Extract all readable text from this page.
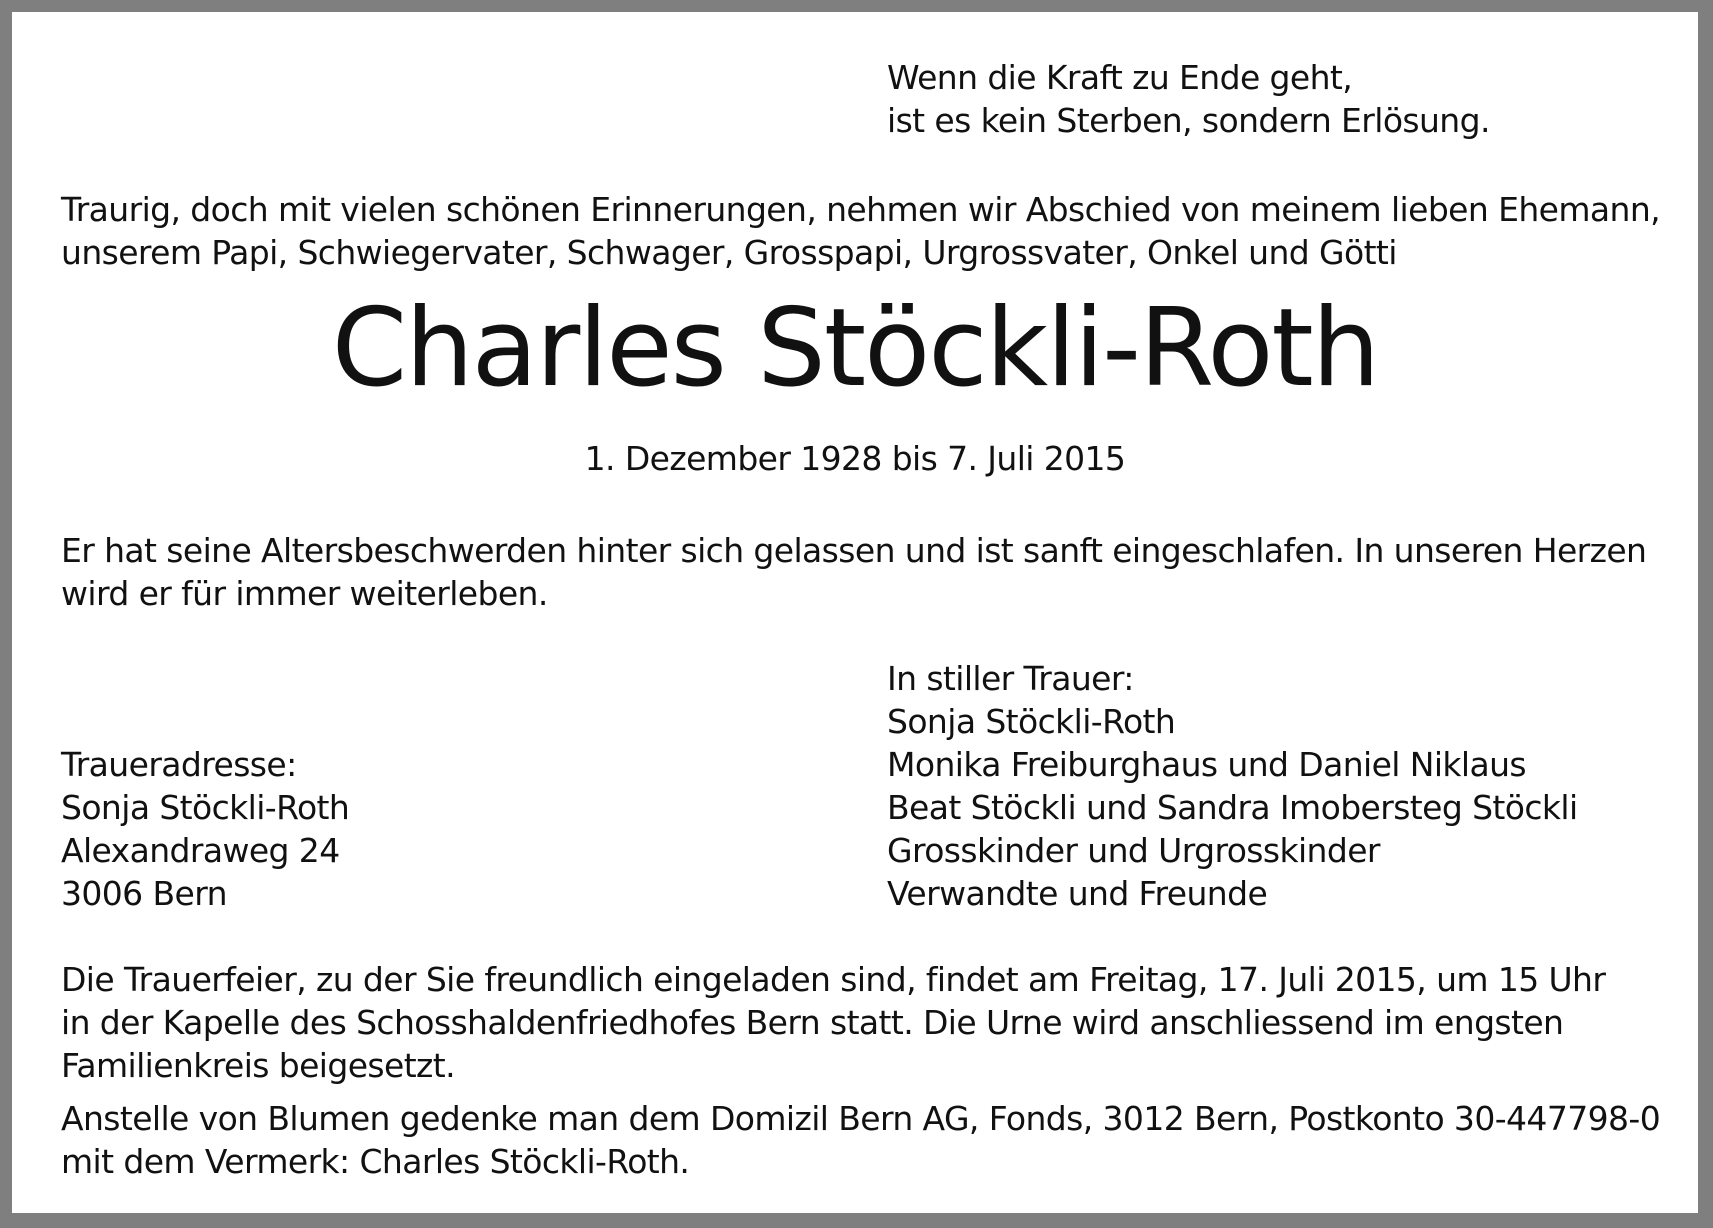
Wenn die Kraft zu Ende geht,
ist es kein Sterben, sondern Erlösung.
Traurig, doch mit vielen schönen Erinnerungen, nehmen wir Abschied von meinem lieben Ehemann,
unserem Papi, Schwiegervater, Schwager, Grosspapi, Urgrossvater, Onkel und Götti
Charles Stöckli-Roth
1. Dezember 1928 bis 7. Juli 2015
Er hat seine Altersbeschwerden hinter sich gelassen und ist sanft eingeschlafen. In unseren Herzen
wird er für immer weiterleben.
In stiller Trauer:
Sonja Stöckli-Roth
Monika Freiburghaus und Daniel Niklaus
Beat Stöckli und Sandra Imobersteg Stöckli
Grosskinder und Urgrosskinder
Verwandte und Freunde
Traueradresse:
Sonja Stöckli-Roth
Alexandraweg 24
3006 Bern
Die Trauerfeier, zu der Sie freundlich eingeladen sind, findet am Freitag, 17. Juli 2015, um 15 Uhr
in der Kapelle des Schosshaldenfriedhofes Bern statt. Die Urne wird anschliessend im engsten
Familienkreis beigesetzt.
Anstelle von Blumen gedenke man dem Domizil Bern AG, Fonds, 3012 Bern, Postkonto 30-447798-0
mit dem Vermerk: Charles Stöckli-Roth.
